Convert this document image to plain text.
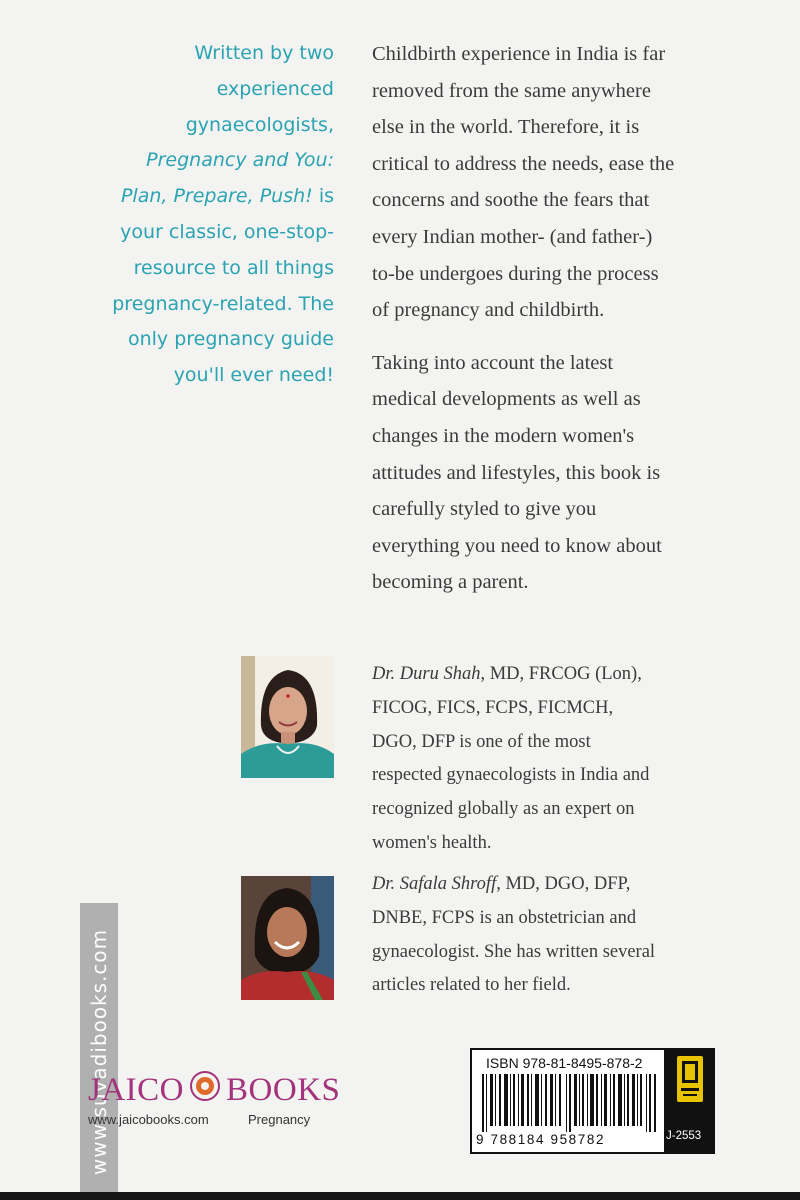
Written by two
experienced
gynaecologists,
Pregnancy and You:
Plan, Prepare, Push! is
your classic, one-stop-
resource to all things
pregnancy-related. The
only pregnancy guide
you'll ever need!
Childbirth experience in India is far
removed from the same anywhere
else in the world. Therefore, it is
critical to address the needs, ease the
concerns and soothe the fears that
every Indian mother- (and father-)
to-be undergoes during the process
of pregnancy and childbirth.
Taking into account the latest
medical developments as well as
changes in the modern women's
attitudes and lifestyles, this book is
carefully styled to give you
everything you need to know about
becoming a parent.
Dr. Duru Shah, MD, FRCOG (Lon),
FICOG, FICS, FCPS, FICMCH,
DGO, DFP is one of the most
respected gynaecologists in India and
recognized globally as an expert on
women's health.
Dr. Safala Shroff, MD, DGO, DFP,
DNBE, FCPS is an obstetrician and
gynaecologist. She has written several
articles related to her field.
www.suvadibooks.com
JAICO BOOKS
www.jaicobooks.com	Pregnancy
ISBN 978-81-8495-878-2
9 788184 958782	J-2553
